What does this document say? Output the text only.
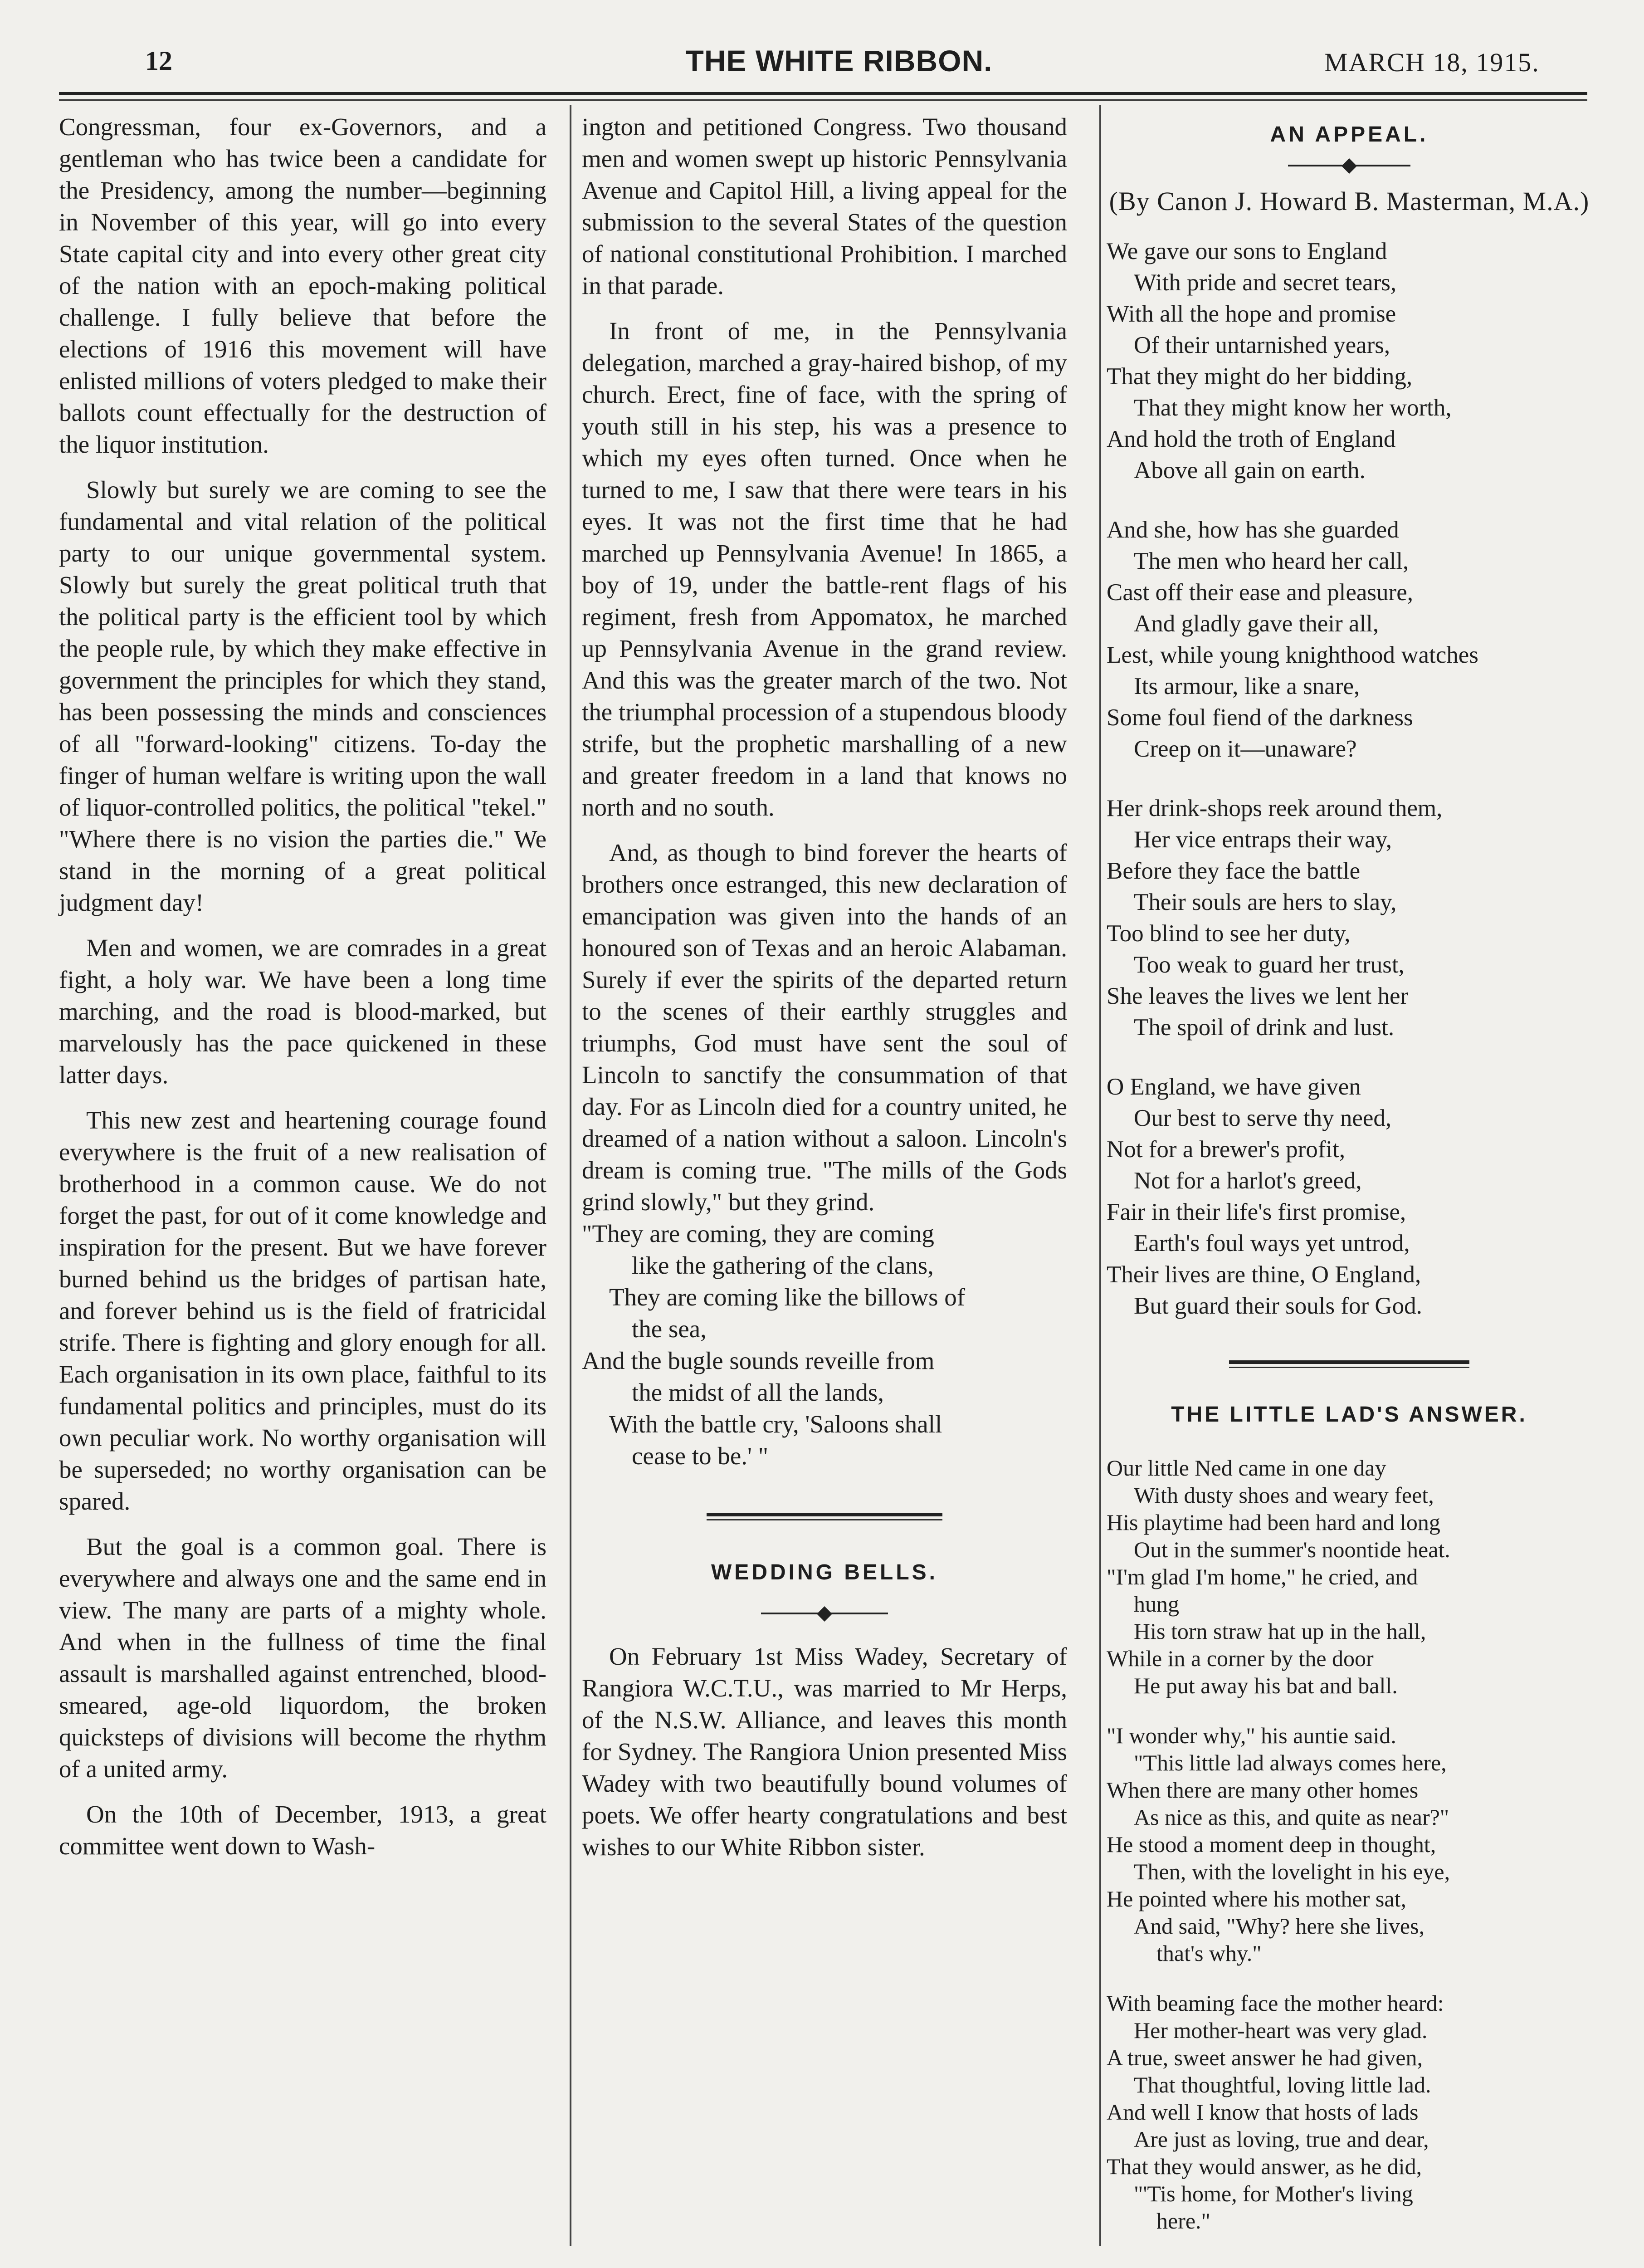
12	THE WHITE RIBBON.	MARCH 18, 1915.

Congressman, four ex-Governors, and a gentleman who has twice been a candidate for the Presidency, among the number—beginning in November of this year, will go into every State capital city and into every other great city of the nation with an epoch-making political challenge. I fully believe that before the elections of 1916 this movement will have enlisted millions of voters pledged to make their ballots count effectually for the destruction of the liquor institution.

Slowly but surely we are coming to see the fundamental and vital relation of the political party to our unique governmental system. Slowly but surely the great political truth that the political party is the efficient tool by which the people rule, by which they make effective in government the principles for which they stand, has been possessing the minds and consciences of all "forward-looking" citizens. To-day the finger of human welfare is writing upon the wall of liquor-controlled politics, the political "tekel." "Where there is no vision the parties die." We stand in the morning of a great political judgment day!

Men and women, we are comrades in a great fight, a holy war. We have been a long time marching, and the road is blood-marked, but marvelously has the pace quickened in these latter days.

This new zest and heartening courage found everywhere is the fruit of a new realisation of brotherhood in a common cause. We do not forget the past, for out of it come knowledge and inspiration for the present. But we have forever burned behind us the bridges of partisan hate, and forever behind us is the field of fratricidal strife. There is fighting and glory enough for all. Each organisation in its own place, faithful to its fundamental politics and principles, must do its own peculiar work. No worthy organisation will be superseded; no worthy organisation can be spared.

But the goal is a common goal. There is everywhere and always one and the same end in view. The many are parts of a mighty whole. And when in the fullness of time the final assault is marshalled against entrenched, blood-smeared, age-old liquordom, the broken quicksteps of divisions will become the rhythm of a united army.

On the 10th of December, 1913, a great committee went down to Wash-

ington and petitioned Congress. Two thousand men and women swept up historic Pennsylvania Avenue and Capitol Hill, a living appeal for the submission to the several States of the question of national constitutional Prohibition. I marched in that parade.

In front of me, in the Pennsylvania delegation, marched a gray-haired bishop, of my church. Erect, fine of face, with the spring of youth still in his step, his was a presence to which my eyes often turned. Once when he turned to me, I saw that there were tears in his eyes. It was not the first time that he had marched up Pennsylvania Avenue! In 1865, a boy of 19, under the battle-rent flags of his regiment, fresh from Appomatox, he marched up Pennsylvania Avenue in the grand review. And this was the greater march of the two. Not the triumphal procession of a stupendous bloody strife, but the prophetic marshalling of a new and greater freedom in a land that knows no north and no south.

And, as though to bind forever the hearts of brothers once estranged, this new declaration of emancipation was given into the hands of an honoured son of Texas and an heroic Alabaman. Surely if ever the spirits of the departed return to the scenes of their earthly struggles and triumphs, God must have sent the soul of Lincoln to sanctify the consummation of that day. For as Lincoln died for a country united, he dreamed of a nation without a saloon. Lincoln's dream is coming true. "The mills of the Gods grind slowly," but they grind.

"They are coming, they are coming
like the gathering of the clans,
They are coming like the billows of
the sea,
And the bugle sounds reveille from
the midst of all the lands,
With the battle cry, 'Saloons shall
cease to be.' "
WEDDING BELLS.

On February 1st Miss Wadey, Secretary of Rangiora W.C.T.U., was married to Mr Herps, of the N.S.W. Alliance, and leaves this month for Sydney. The Rangiora Union presented Miss Wadey with two beautifully bound volumes of poets. We offer hearty congratulations and best wishes to our White Ribbon sister.

AN APPEAL.
(By Canon J. Howard B. Masterman, M.A.)
We gave our sons to England
With pride and secret tears,
With all the hope and promise
Of their untarnished years,
That they might do her bidding,
That they might know her worth,
And hold the troth of England
Above all gain on earth.
And she, how has she guarded
The men who heard her call,
Cast off their ease and pleasure,
And gladly gave their all,
Lest, while young knighthood watches
Its armour, like a snare,
Some foul fiend of the darkness
Creep on it—unaware?
Her drink-shops reek around them,
Her vice entraps their way,
Before they face the battle
Their souls are hers to slay,
Too blind to see her duty,
Too weak to guard her trust,
She leaves the lives we lent her
The spoil of drink and lust.
O England, we have given
Our best to serve thy need,
Not for a brewer's profit,
Not for a harlot's greed,
Fair in their life's first promise,
Earth's foul ways yet untrod,
Their lives are thine, O England,
But guard their souls for God.
THE LITTLE LAD'S ANSWER.
Our little Ned came in one day
With dusty shoes and weary feet,
His playtime had been hard and long
Out in the summer's noontide heat.
"I'm glad I'm home," he cried, and
hung
His torn straw hat up in the hall,
While in a corner by the door
He put away his bat and ball.
"I wonder why," his auntie said.
"This little lad always comes here,
When there are many other homes
As nice as this, and quite as near?"
He stood a moment deep in thought,
Then, with the lovelight in his eye,
He pointed where his mother sat,
And said, "Why? here she lives,
that's why."
With beaming face the mother heard:
Her mother-heart was very glad.
A true, sweet answer he had given,
That thoughtful, loving little lad.
And well I know that hosts of lads
Are just as loving, true and dear,
That they would answer, as he did,
"'Tis home, for Mother's living
here."
